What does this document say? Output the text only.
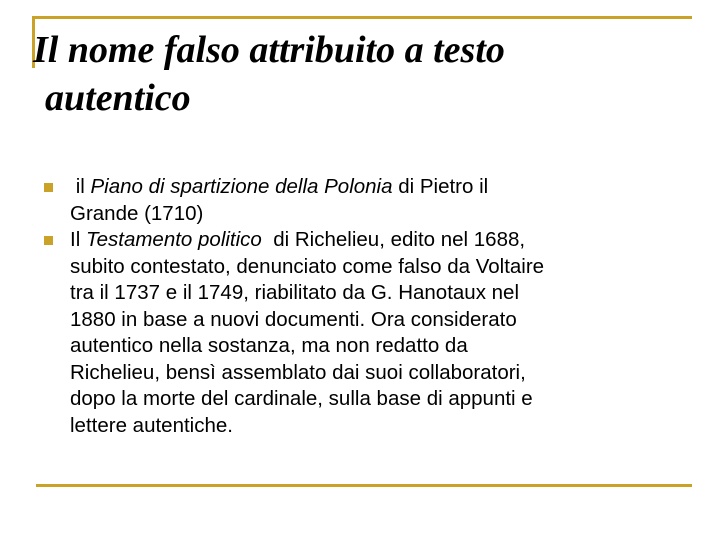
Il nome falso attribuito a testo
autentico
il Piano di spartizione della Polonia di Pietro il
Grande (1710)
Il Testamento politico  di Richelieu, edito nel 1688,
subito contestato, denunciato come falso da Voltaire
tra il 1737 e il 1749, riabilitato da G. Hanotaux nel
1880 in base a nuovi documenti. Ora considerato
autentico nella sostanza, ma non redatto da
Richelieu, bensì assemblato dai suoi collaboratori,
dopo la morte del cardinale, sulla base di appunti e
lettere autentiche.
